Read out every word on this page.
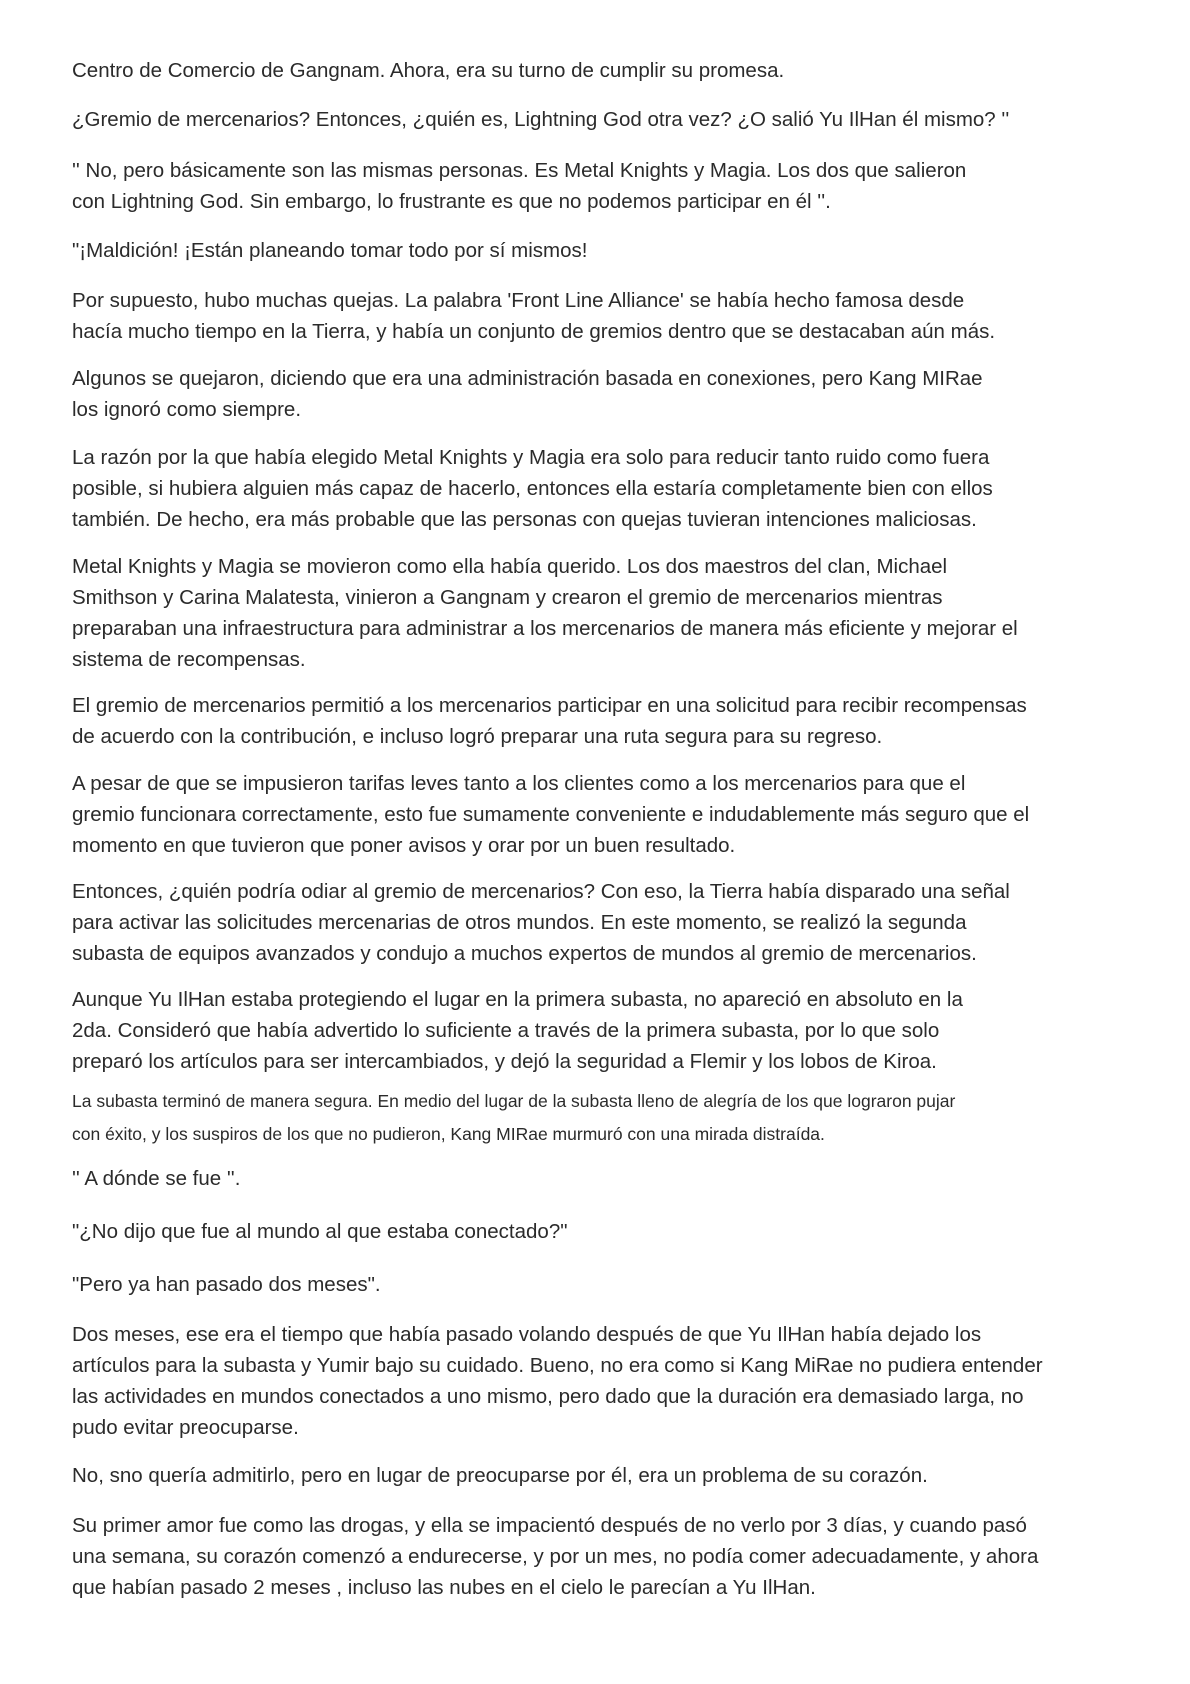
Centro de Comercio de Gangnam. Ahora, era su turno de cumplir su promesa.

¿Gremio de mercenarios? Entonces, ¿quién es, Lightning God otra vez? ¿O salió Yu IlHan él mismo? ''

'' No, pero básicamente son las mismas personas. Es Metal Knights y Magia. Los dos que salieron
con Lightning God. Sin embargo, lo frustrante es que no podemos participar en él ''.

"¡Maldición! ¡Están planeando tomar todo por sí mismos!

Por supuesto, hubo muchas quejas. La palabra 'Front Line Alliance' se había hecho famosa desde
hacía mucho tiempo en la Tierra, y había un conjunto de gremios dentro que se destacaban aún más.

Algunos se quejaron, diciendo que era una administración basada en conexiones, pero Kang MIRae
los ignoró como siempre.

La razón por la que había elegido Metal Knights y Magia era solo para reducir tanto ruido como fuera
posible, si hubiera alguien más capaz de hacerlo, entonces ella estaría completamente bien con ellos
también. De hecho, era más probable que las personas con quejas tuvieran intenciones maliciosas.

Metal Knights y Magia se movieron como ella había querido. Los dos maestros del clan, Michael
Smithson y Carina Malatesta, vinieron a Gangnam y crearon el gremio de mercenarios mientras
preparaban una infraestructura para administrar a los mercenarios de manera más eficiente y mejorar el
sistema de recompensas.

El gremio de mercenarios permitió a los mercenarios participar en una solicitud para recibir recompensas
de acuerdo con la contribución, e incluso logró preparar una ruta segura para su regreso.

A pesar de que se impusieron tarifas leves tanto a los clientes como a los mercenarios para que el
gremio funcionara correctamente, esto fue sumamente conveniente e indudablemente más seguro que el
momento en que tuvieron que poner avisos y orar por un buen resultado.

Entonces, ¿quién podría odiar al gremio de mercenarios? Con eso, la Tierra había disparado una señal
para activar las solicitudes mercenarias de otros mundos. En este momento, se realizó la segunda
subasta de equipos avanzados y condujo a muchos expertos de mundos al gremio de mercenarios.

Aunque Yu IlHan estaba protegiendo el lugar en la primera subasta, no apareció en absoluto en la
2da. Consideró que había advertido lo suficiente a través de la primera subasta, por lo que solo
preparó los artículos para ser intercambiados, y dejó la seguridad a Flemir y los lobos de Kiroa.

La subasta terminó de manera segura. En medio del lugar de la subasta lleno de alegría de los que lograron pujar
con éxito, y los suspiros de los que no pudieron, Kang MIRae murmuró con una mirada distraída.

'' A dónde se fue ''.

"¿No dijo que fue al mundo al que estaba conectado?"

"Pero ya han pasado dos meses".

Dos meses, ese era el tiempo que había pasado volando después de que Yu IlHan había dejado los
artículos para la subasta y Yumir bajo su cuidado. Bueno, no era como si Kang MiRae no pudiera entender
las actividades en mundos conectados a uno mismo, pero dado que la duración era demasiado larga, no
pudo evitar preocuparse.

No, sno quería admitirlo, pero en lugar de preocuparse por él, era un problema de su corazón.

Su primer amor fue como las drogas, y ella se impacientó después de no verlo por 3 días, y cuando pasó
una semana, su corazón comenzó a endurecerse, y por un mes, no podía comer adecuadamente, y ahora
que habían pasado 2 meses , incluso las nubes en el cielo le parecían a Yu IlHan.
